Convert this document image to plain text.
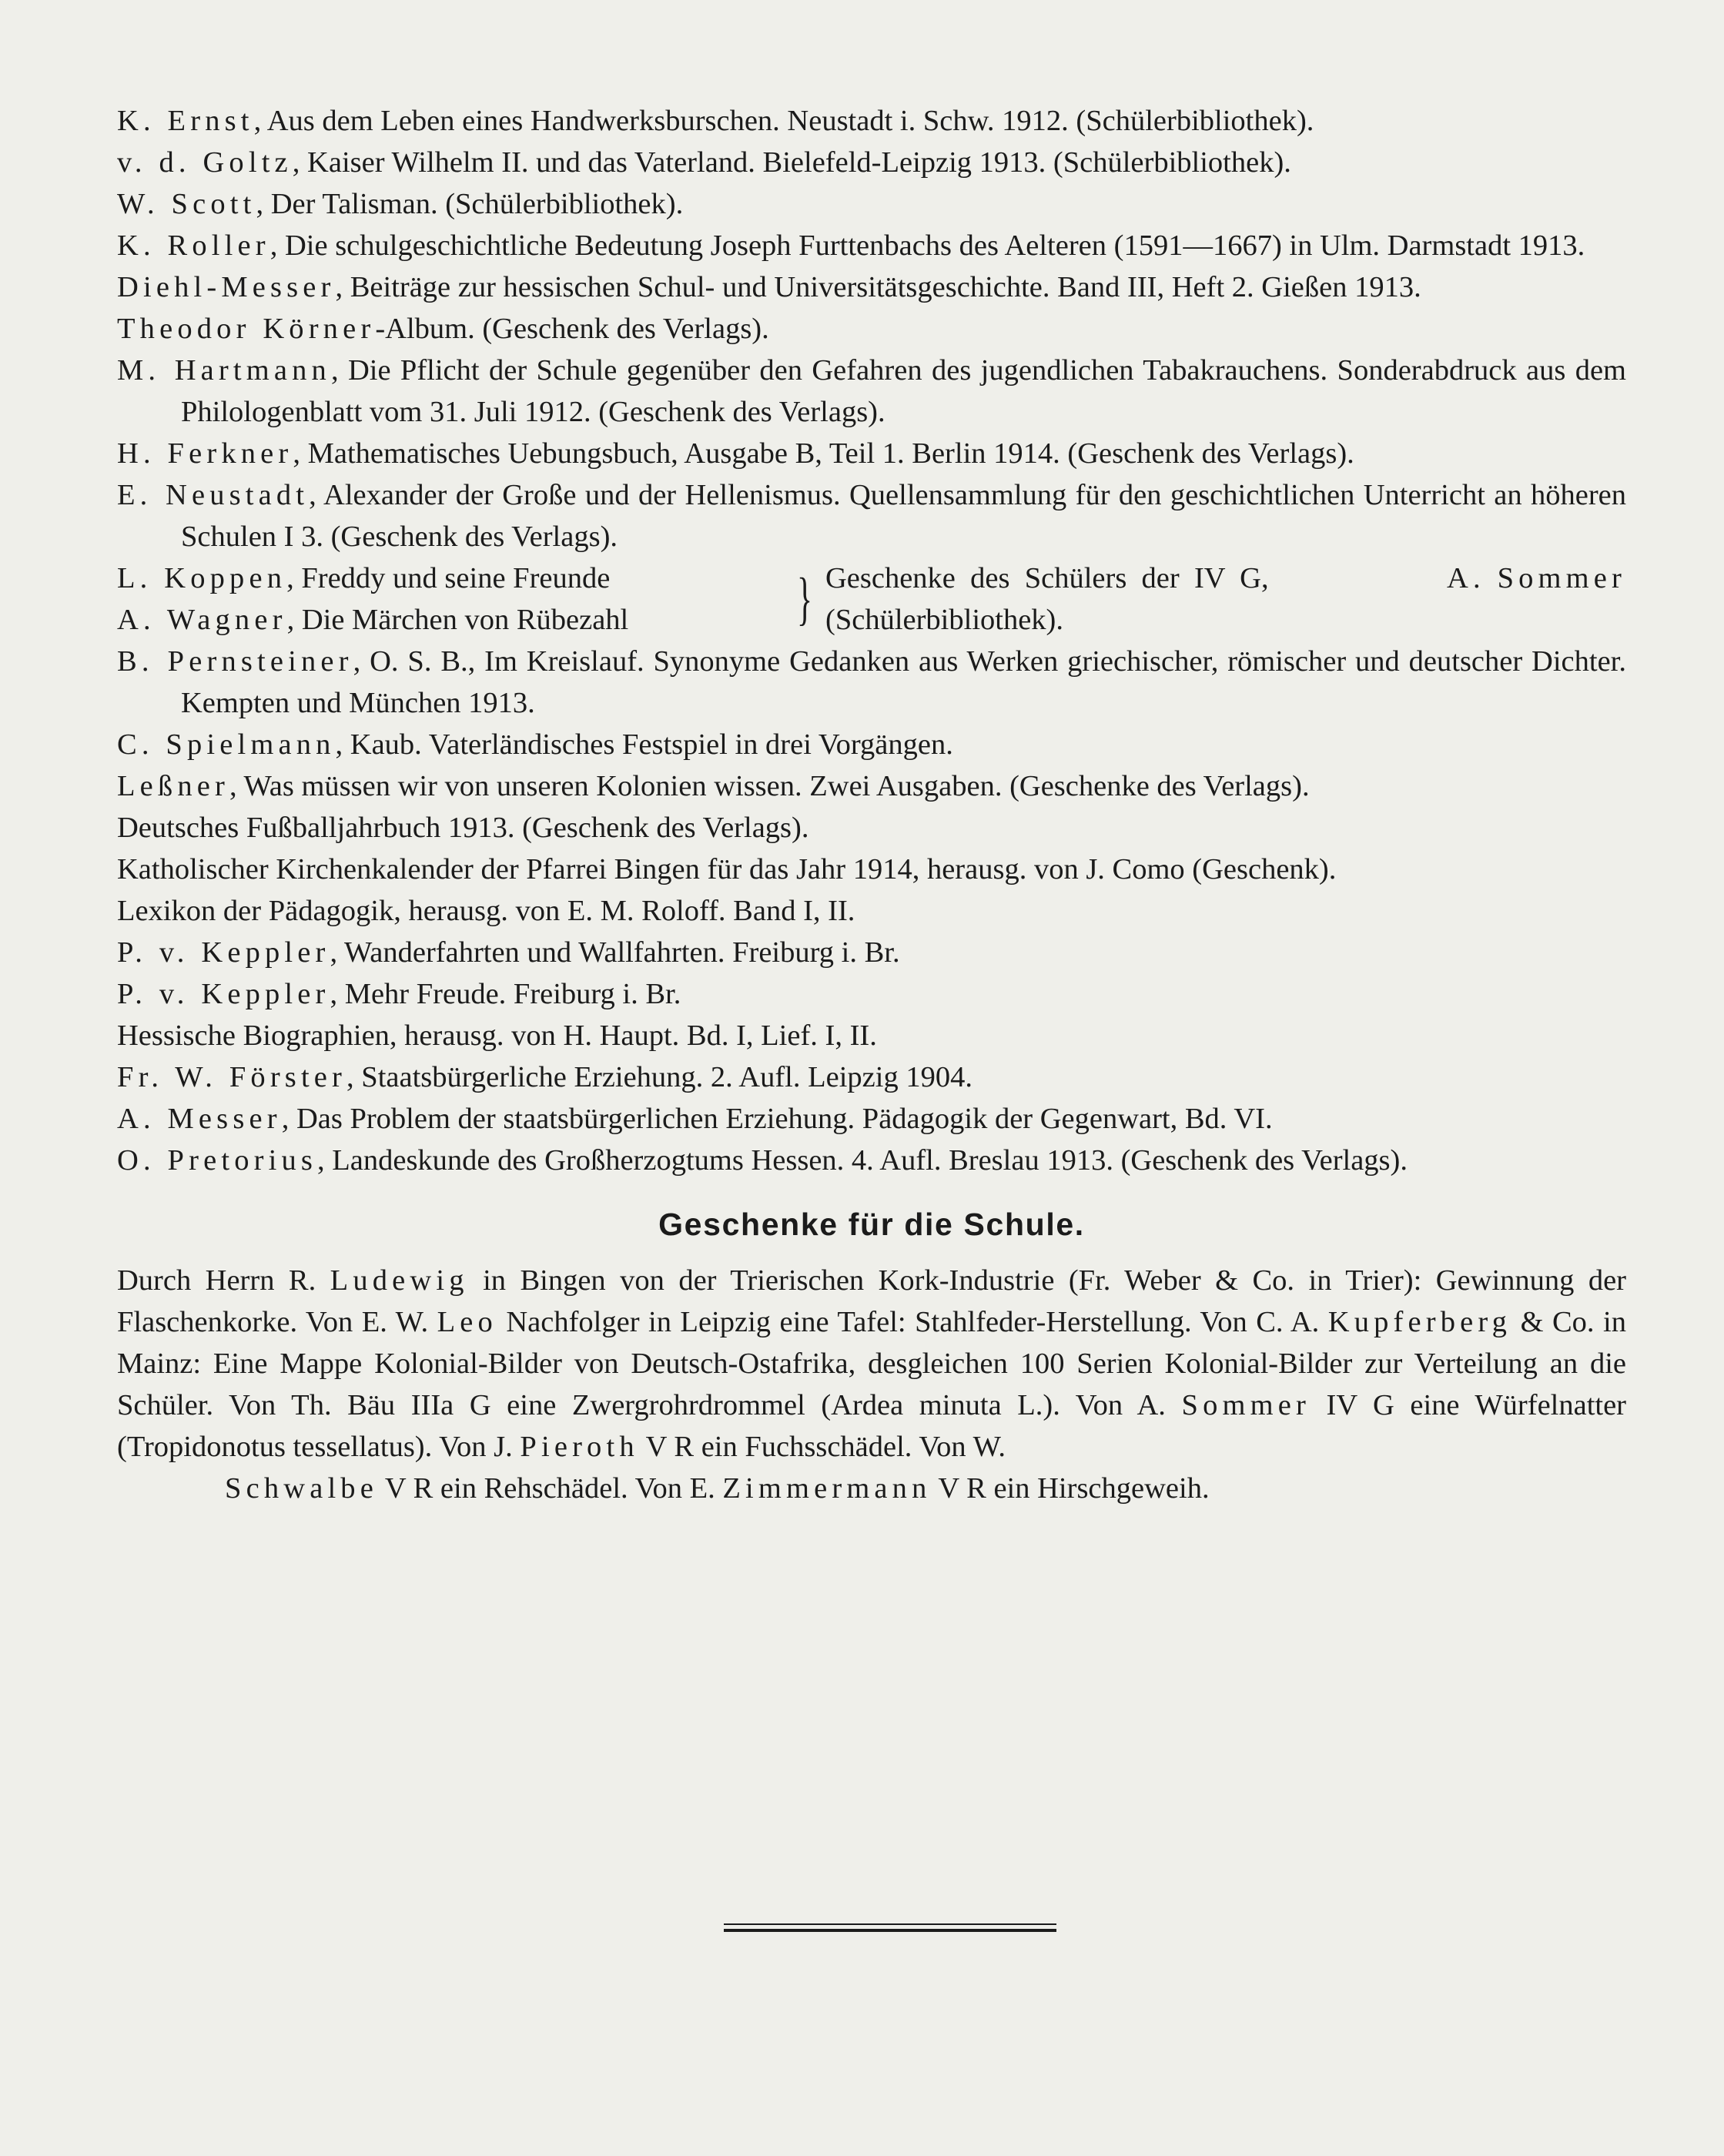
K. Ernst, Aus dem Leben eines Handwerksburschen. Neustadt i. Schw. 1912. (Schülerbibliothek).
v. d. Goltz, Kaiser Wilhelm II. und das Vaterland. Bielefeld-Leipzig 1913. (Schülerbibliothek).
W. Scott, Der Talisman. (Schülerbibliothek).
K. Roller, Die schulgeschichtliche Bedeutung Joseph Furttenbachs des Aelteren (1591—1667) in Ulm. Darmstadt 1913.
Diehl-Messer, Beiträge zur hessischen Schul- und Universitätsgeschichte. Band III, Heft 2. Gießen 1913.
Theodor Körner-Album. (Geschenk des Verlags).
M. Hartmann, Die Pflicht der Schule gegenüber den Gefahren des jugendlichen Tabakrauchens. Sonderabdruck aus dem Philologenblatt vom 31. Juli 1912. (Geschenk des Verlags).
H. Ferkner, Mathematisches Uebungsbuch, Ausgabe B, Teil 1. Berlin 1914. (Geschenk des Verlags).
E. Neustadt, Alexander der Große und der Hellenismus. Quellensammlung für den geschichtlichen Unterricht an höheren Schulen I 3. (Geschenk des Verlags).
L. Koppen , Freddy und seine Freunde
A. Wagner , Die Märchen von Rübezahl	} Geschenke des Schülers der IV G,	A. Sommer
(Schülerbibliothek).
B. Pernsteiner, O. S. B., Im Kreislauf. Synonyme Gedanken aus Werken griechischer, römischer und deutscher Dichter. Kempten und München 1913.
C. Spielmann, Kaub. Vaterländisches Festspiel in drei Vorgängen.
Leßner, Was müssen wir von unseren Kolonien wissen. Zwei Ausgaben. (Geschenke des Verlags).
Deutsches Fußballjahrbuch 1913. (Geschenk des Verlags).
Katholischer Kirchenkalender der Pfarrei Bingen für das Jahr 1914, herausg. von J. Como (Geschenk).
Lexikon der Pädagogik, herausg. von E. M. Roloff. Band I, II.
P. v. Keppler, Wanderfahrten und Wallfahrten. Freiburg i. Br.
P. v. Keppler, Mehr Freude. Freiburg i. Br.
Hessische Biographien, herausg. von H. Haupt. Bd. I, Lief. I, II.
Fr. W. Förster, Staatsbürgerliche Erziehung. 2. Aufl. Leipzig 1904.
A. Messer, Das Problem der staatsbürgerlichen Erziehung. Pädagogik der Gegenwart, Bd. VI.
O. Pretorius, Landeskunde des Großherzogtums Hessen. 4. Aufl. Breslau 1913. (Geschenk des Verlags).
Geschenke für die Schule.
Durch Herrn R. Ludewig in Bingen von der Trierischen Kork-Industrie (Fr. Weber & Co. in Trier): Gewinnung der Flaschenkorke. Von E. W. Leo Nachfolger in Leipzig eine Tafel: Stahlfeder-Herstellung. Von C. A. Kupferberg & Co. in Mainz: Eine Mappe Kolonial-Bilder von Deutsch-Ostafrika, desgleichen 100 Serien Kolonial-Bilder zur Verteilung an die Schüler. Von Th. Bäu IIIa G eine Zwergrohrdrommel (Ardea minuta L.). Von A. Sommer IV G eine Würfelnatter (Tropidonotus tessellatus). Von J. Pieroth V R ein Fuchsschädel. Von W.
Schwalbe V R ein Rehschädel. Von E. Zimmermann V R ein Hirschgeweih.
